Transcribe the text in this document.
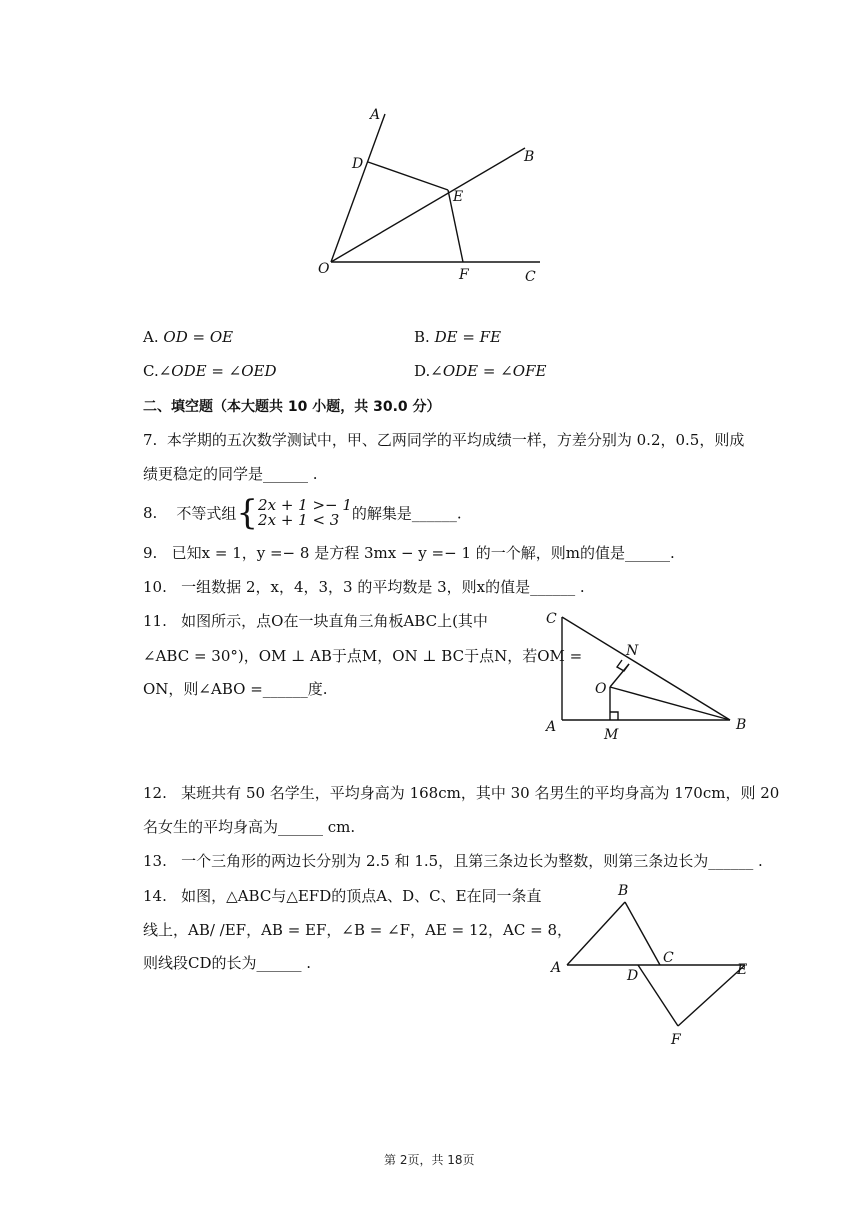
A
B
C
D
E
F
O
A. OD = OE	B. DE = FE
C.∠ODE = ∠OED	D.∠ODE = ∠OFE
二、填空题（本大题共 10 小题，共 30.0 分）
7. 本学期的五次数学测试中，甲、乙两同学的平均成绩一样，方差分别为 0.2，0.5，则成
绩更稳定的同学是______ .
8. 不等式组{2x + 1 >− 1
2x + 1 < 3 的解集是______.
9. 已知x = 1，y =− 8 是方程 3mx − y =− 1 的一个解，则m的值是______.
10. 一组数据 2，x，4，3，3 的平均数是 3，则x的值是______ .
11. 如图所示，点O在一块直角三角板ABC上(其中
∠ABC = 30°)，OM ⊥ AB于点M，ON ⊥ BC于点N，若OM =
ON，则∠ABO =______度.
C
A	B
M
N
O
12. 某班共有 50 名学生，平均身高为 168cm，其中 30 名男生的平均身高为 170cm，则 20
名女生的平均身高为______ cm.
13. 一个三角形的两边长分别为 2.5 和 1.5，且第三条边长为整数，则第三条边长为______ .
14. 如图，△ABC与△EFD的顶点A、D、C、E在同一条直
线上，AB/ /EF，AB = EF，∠B = ∠F，AE = 12，AC = 8，
则线段CD的长为______ .
B
A
C
D	E
F
第 2页，共 18页
